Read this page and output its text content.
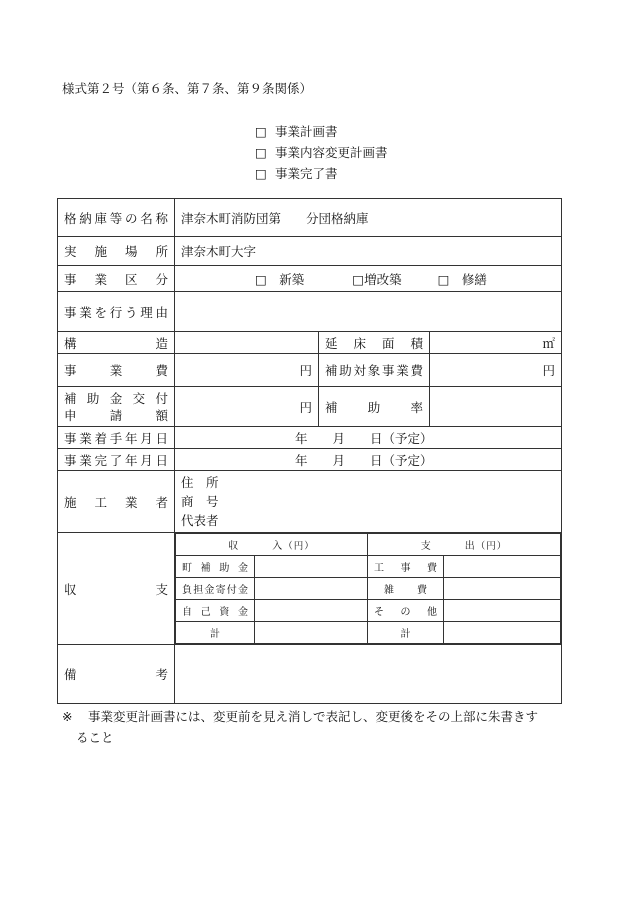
様式第２号（第６条、第７条、第９条関係）
□ 事業計画書
□ 事業内容変更計画書
□ 事業完了書
格納庫等の名称	津奈木町消防団第　　分団格納庫
実施場所	津奈木町大字
事業区分	□　新築	□増改築	□　修繕
事業を行う理由	
構造		延床面積	㎡
事業費	円	補助対象事業費	円

補助金交付
申請額
	円	補助率	
事業着手年月日	年　　月　　日（予定）
事業完了年月日	年　　月　　日（予定）
施工業者	
住　所
商　号
代表者

収	支

収　　　入（円）	支　　　出（円）
町補助金		工事費	
負担金寄付金		雑費	
自己資金		その他	
計		計	

備考	
※ 事業変更計画書には、変更前を見え消しで表記し、変更後をその上部に朱書きす
ること
